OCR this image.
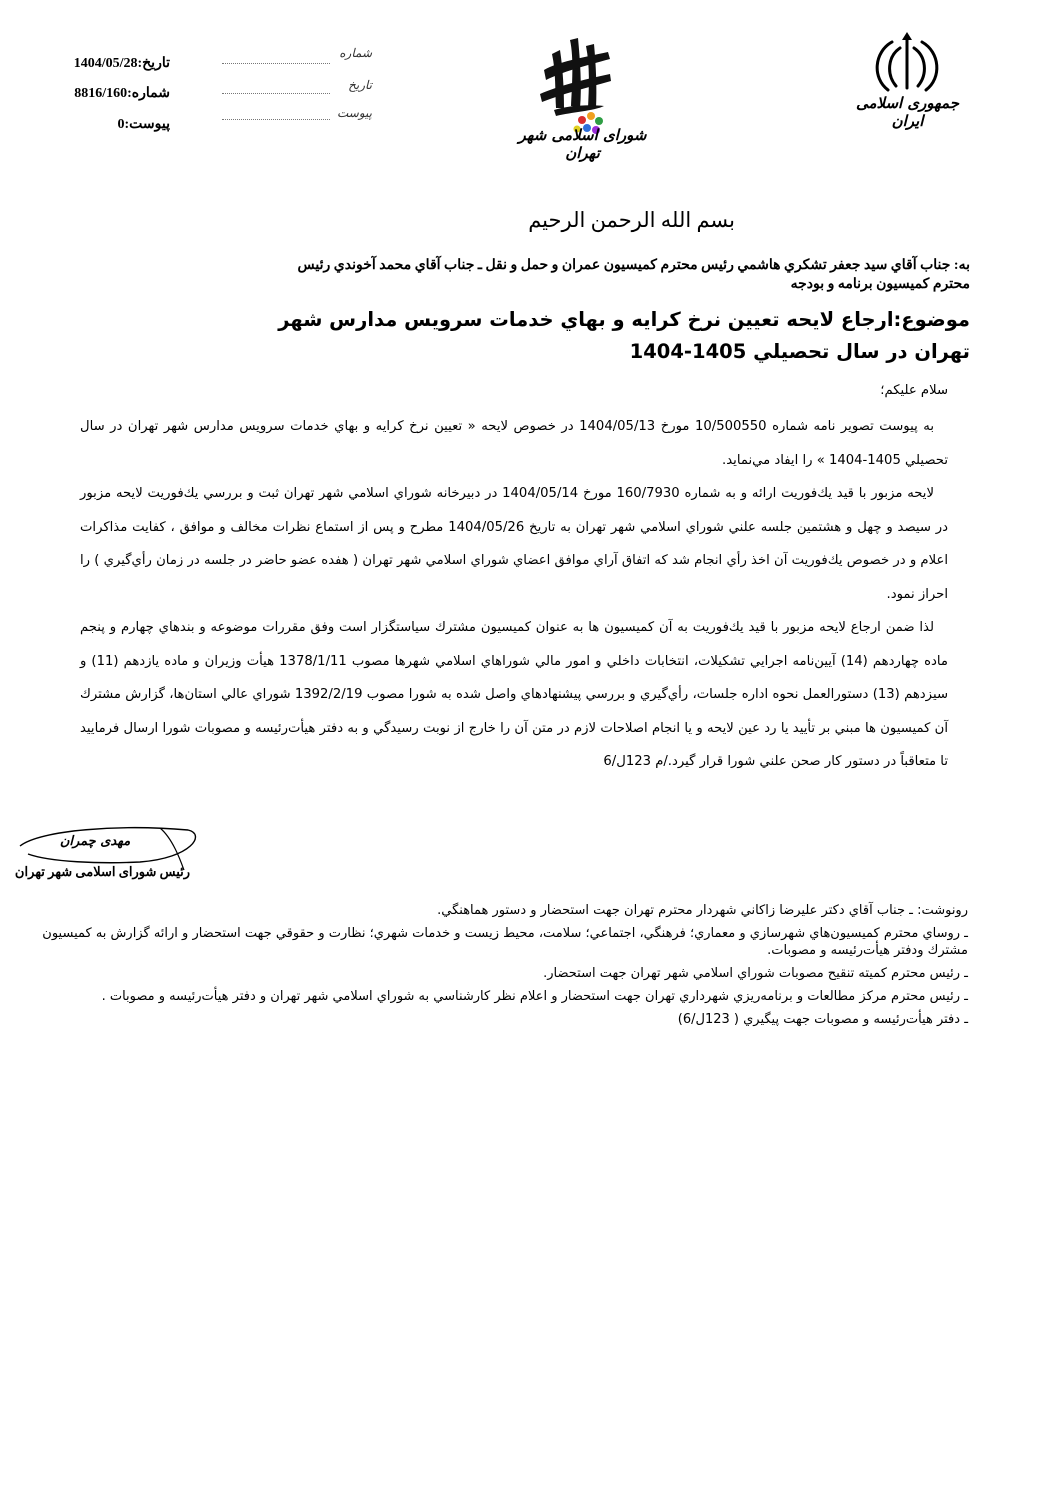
تاريخ:1404/05/28
شماره:8816/160
پيوست:0
شماره
تاريخ
پيوست
شورای اسلامی شهر تهران
جمهوری اسلامی ایران
بسم الله الرحمن الرحيم
به: جناب آقاي سيد جعفر تشكري هاشمي رئيس محترم كميسيون عمران و حمل و نقل ـ جناب آقاي محمد آخوندي رئيس
محترم كميسيون برنامه و بودجه
موضوع:ارجاع لايحه تعيين نرخ كرايه و بهاي خدمات سرويس مدارس شهر
تهران در سال تحصيلي 1405-1404
سلام عليكم؛
به پيوست تصوير نامه شماره 10/500550 مورخ 1404/05/13 در خصوص لايحه « تعيين نرخ كرايه و بهاي خدمات سرويس مدارس شهر تهران در سال تحصيلي 1405-1404 » را ايفاد مي‌نمايد.
لايحه مزبور با قيد يك‌فوريت ارائه و به شماره 160/7930 مورخ 1404/05/14 در دبيرخانه شوراي اسلامي شهر تهران ثبت و بررسي يك‌فوريت لايحه مزبور در سيصد و چهل و هشتمين جلسه علني شوراي اسلامي شهر تهران به تاريخ 1404/05/26 مطرح و پس از استماع نظرات مخالف و موافق ، كفايت مذاكرات اعلام و در خصوص يك‌فوريت آن اخذ رأي انجام شد كه اتفاق آراي موافق اعضاي شوراي اسلامي شهر تهران ( هفده عضو حاضر در جلسه در زمان رأي‌گيري ) را احراز نمود.
لذا ضمن ارجاع لايحه مزبور با قيد يك‌فوريت به آن كميسيون ها به عنوان كميسيون مشترك سياستگزار است وفق مقررات موضوعه و بندهاي چهارم و پنجم ماده چهاردهم (14) آيين‌نامه اجرايي تشكيلات، انتخابات داخلي و امور مالي شوراهاي اسلامي شهرها مصوب 1378/1/11 هيأت وزيران و ماده يازدهم (11) و سيزدهم (13) دستورالعمل نحوه اداره جلسات، رأي‌گيري و بررسي پيشنهادهاي واصل شده به شورا مصوب 1392/2/19 شوراي عالي استان‌ها، گزارش مشترك آن كميسيون ها مبني بر تأييد يا رد عين لايحه و يا انجام اصلاحات لازم در متن آن را خارج از نوبت رسيدگي و به دفتر هيأت‌رئيسه و مصوبات شورا ارسال فرماييد تا متعاقباً در دستور كار صحن علني شورا قرار گيرد./م 123ل/6
مهدی چمران
رئیس شورای اسلامی شهر تهران
رونوشت: ـ جناب آقاي دكتر عليرضا زاكاني شهردار محترم تهران جهت استحضار و دستور هماهنگي.
ـ روساي محترم كميسيون‌هاي شهرسازي و معماري؛ فرهنگي، اجتماعي؛ سلامت، محيط زيست و خدمات شهري؛ نظارت و حقوقي جهت استحضار و ارائه گزارش به كميسيون مشترك ودفتر هيأت‌رئيسه و مصوبات.
ـ رئيس محترم كميته تنقيح مصوبات شوراي اسلامي شهر تهران جهت استحضار.
ـ رئيس محترم مركز مطالعات و برنامه‌ريزي شهرداري تهران جهت استحضار و اعلام نظر كارشناسي به شوراي اسلامي شهر تهران و دفتر هيأت‌رئيسه و مصوبات .
ـ دفتر هيأت‌رئيسه و مصوبات جهت پيگيري ( 123ل/6)
